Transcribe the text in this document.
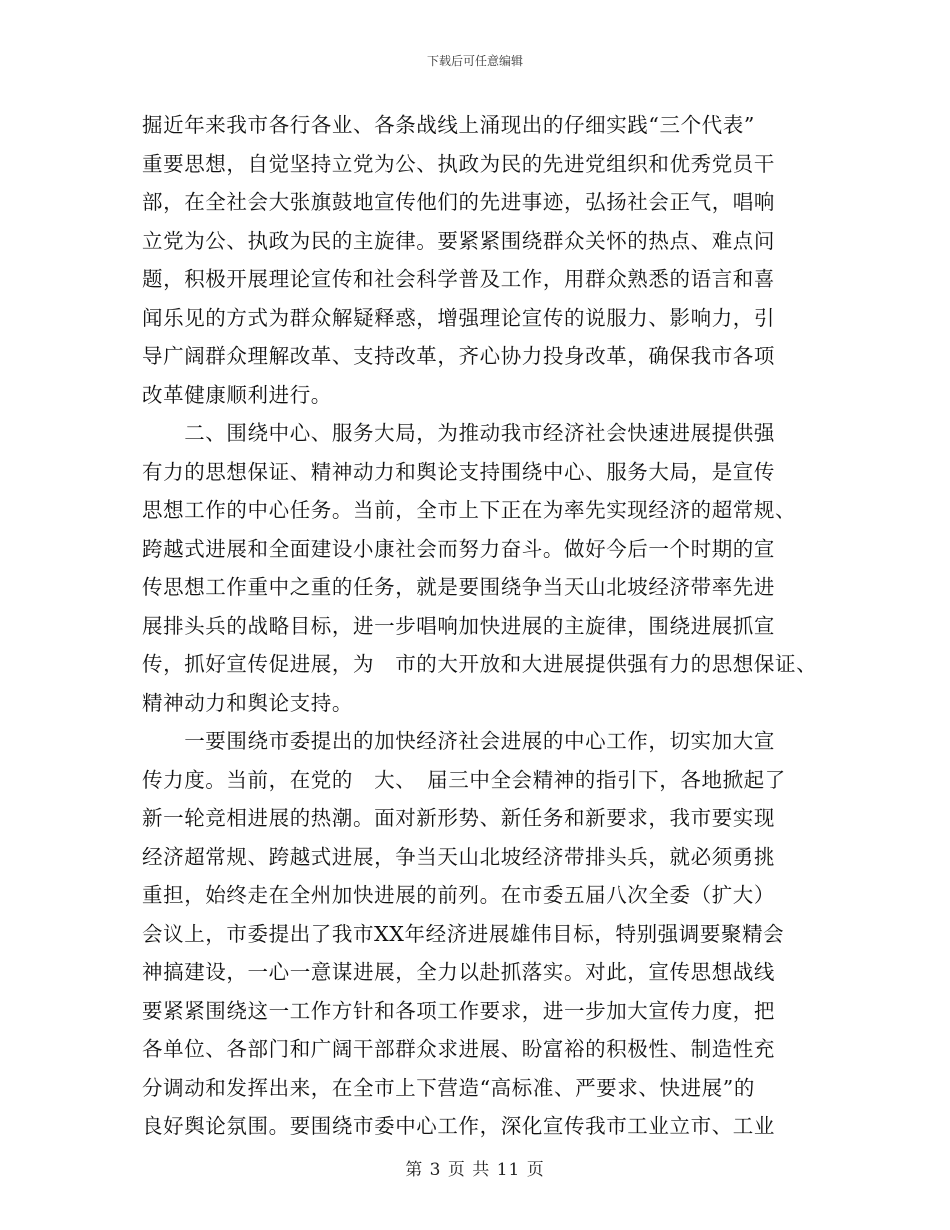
下载后可任意编辑
掘近年来我市各行各业、各条战线上涌现出的仔细实践“三个代表”
重要思想，自觉坚持立党为公、执政为民的先进党组织和优秀党员干
部，在全社会大张旗鼓地宣传他们的先进事迹，弘扬社会正气，唱响
立党为公、执政为民的主旋律。要紧紧围绕群众关怀的热点、难点问
题，积极开展理论宣传和社会科学普及工作，用群众熟悉的语言和喜
闻乐见的方式为群众解疑释惑，增强理论宣传的说服力、影响力，引
导广阔群众理解改革、支持改革，齐心协力投身改革，确保我市各项
改革健康顺利进行。
　　二、围绕中心、服务大局，为推动我市经济社会快速进展提供强
有力的思想保证、精神动力和舆论支持围绕中心、服务大局，是宣传
思想工作的中心任务。当前，全市上下正在为率先实现经济的超常规、
跨越式进展和全面建设小康社会而努力奋斗。做好今后一个时期的宣
传思想工作重中之重的任务，就是要围绕争当天山北坡经济带率先进
展排头兵的战略目标，进一步唱响加快进展的主旋律，围绕进展抓宣
传，抓好宣传促进展，为　市的大开放和大进展提供强有力的思想保证、
精神动力和舆论支持。
　　一要围绕市委提出的加快经济社会进展的中心工作，切实加大宣
传力度。当前，在党的　大、　届三中全会精神的指引下，各地掀起了
新一轮竞相进展的热潮。面对新形势、新任务和新要求，我市要实现
经济超常规、跨越式进展，争当天山北坡经济带排头兵，就必须勇挑
重担，始终走在全州加快进展的前列。在市委五届八次全委（扩大）
会议上，市委提出了我市XX年经济进展雄伟目标，特别强调要聚精会
神搞建设，一心一意谋进展，全力以赴抓落实。对此，宣传思想战线
要紧紧围绕这一工作方针和各项工作要求，进一步加大宣传力度，把
各单位、各部门和广阔干部群众求进展、盼富裕的积极性、制造性充
分调动和发挥出来，在全市上下营造“高标准、严要求、快进展”的
良好舆论氛围。要围绕市委中心工作，深化宣传我市工业立市、工业
第 3 页 共 11 页
